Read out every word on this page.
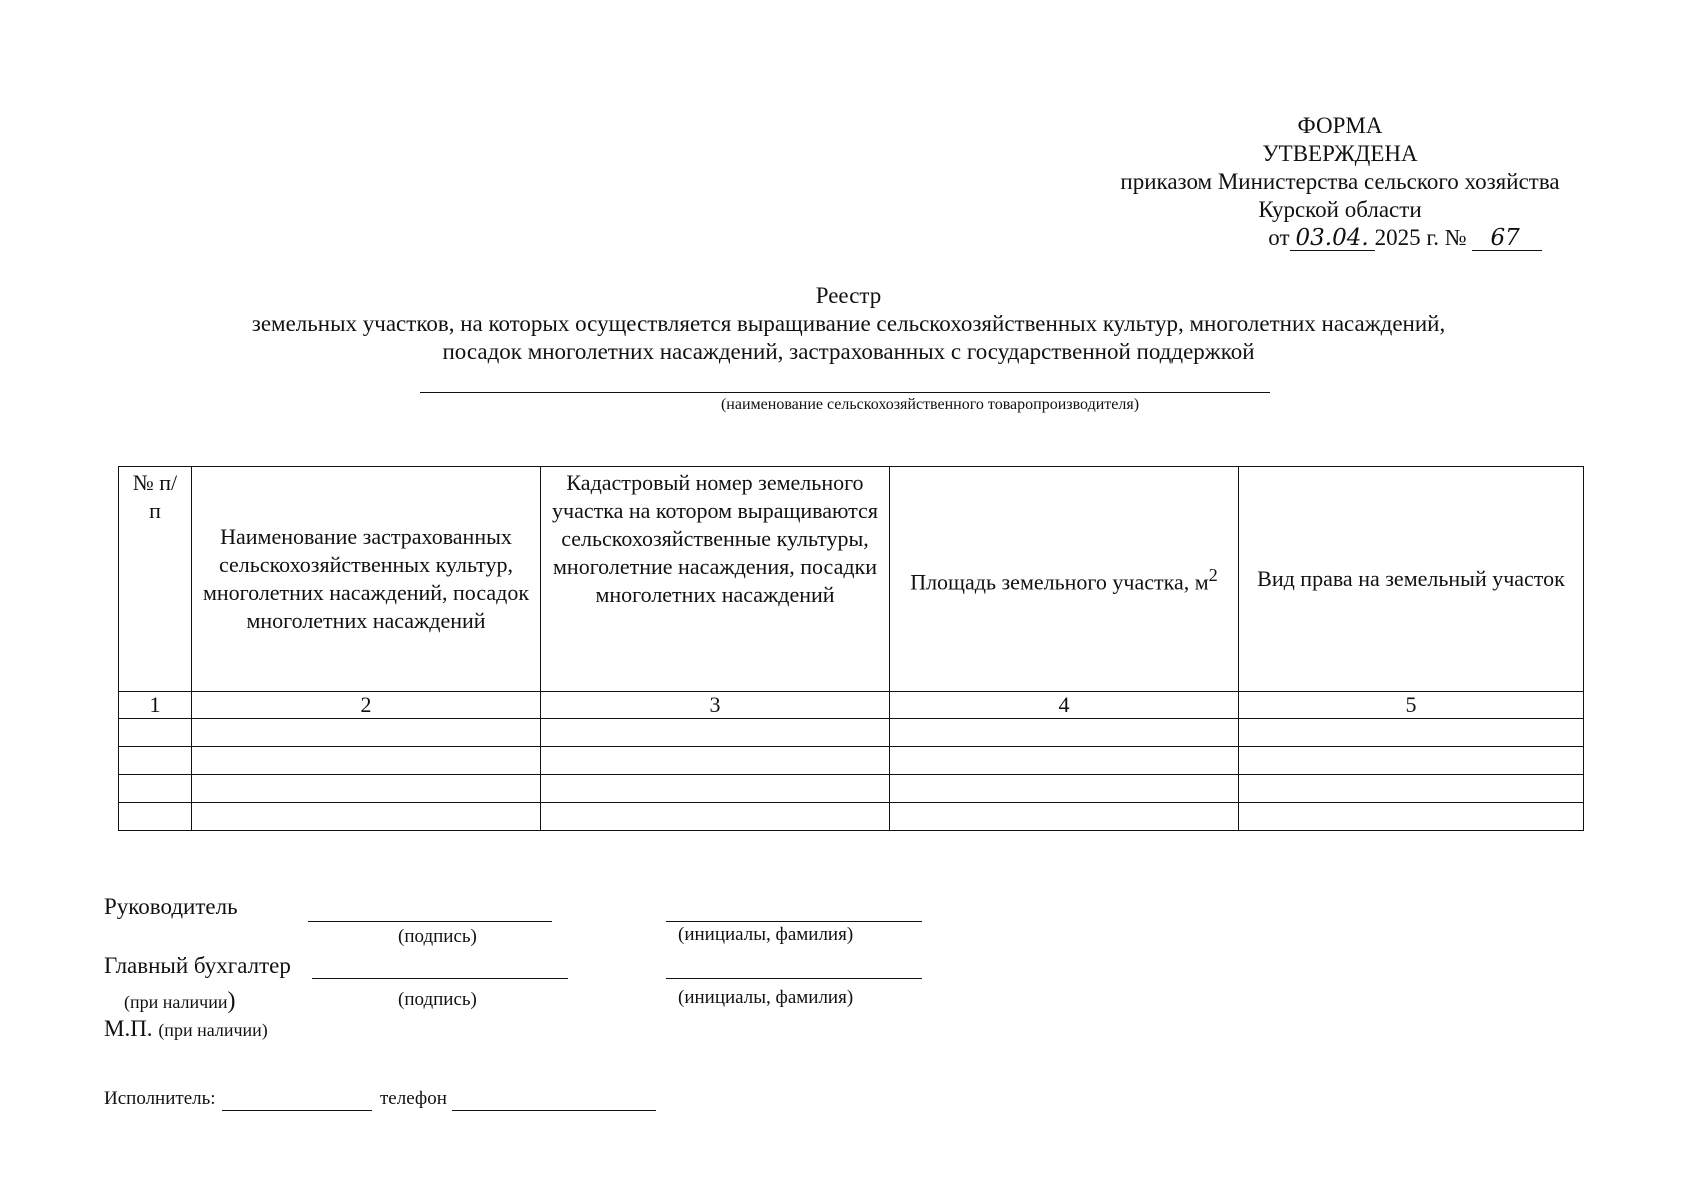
ФОРМА
УТВЕРЖДЕНА
приказом Министерства сельского хозяйства
Курской области
от 03.04. 2025 г. № 67
Реестр
земельных участков, на которых осуществляется выращивание сельскохозяйственных культур, многолетних насаждений,
посадок многолетних насаждений, застрахованных с государственной поддержкой
(наименование сельскохозяйственного товаропроизводителя)
№ п/п	Наименование застрахованных сельскохозяйственных культур, многолетних насаждений, посадок многолетних насаждений	Кадастровый номер земельного участка на котором выращиваются сельскохозяйственные культуры, многолетние насаждения, посадки многолетних насаждений	Площадь земельного участка, $м^2$	Вид права на земельный участок
1	2	3	4	5

Руководитель
(подпись)	(инициалы, фамилия)
Главный бухгалтер
(при наличии)	(подпись)	(инициалы, фамилия)
М.П. (при наличии)
Исполнитель:	телефон
